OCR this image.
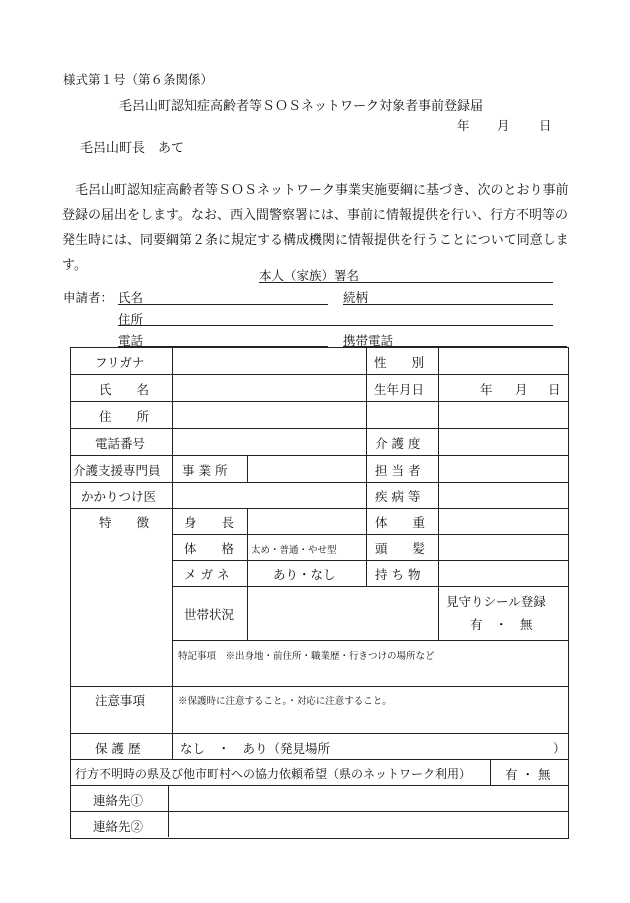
様式第１号（第６条関係）
毛呂山町認知症高齢者等ＳＯＳネットワーク対象者事前登録届
年 月 日
毛呂山町長　あて
毛呂山町認知症高齢者等ＳＯＳネットワーク事業実施要綱に基づき、次のとおり事前登録の届出をします。なお、西入間警察署には、事前に情報提供を行い、行方不明等の発生時には、同要綱第２条に規定する構成機関に情報提供を行うことについて同意します。
本人（家族）署名
申請者： 氏名	続柄
住所
電話	携帯電話
フリガナ	性　　別
氏　　名	生年月日	年 月 日
住　　所
電話番号	介 護 度
介護支援専門員 事 業 所	担 当 者
かかりつけ医	疾 病 等
特　　徴	身　　長	体　　重
体　　格 太め・普通・やせ型	頭　　髪
メ ガ ネ	あり・なし	持 ち 物
世帯状況
見守りシール登録
有　・　無
特記事項　※出身地・前住所・職業歴・行きつけの場所など
注意事項	※保護時に注意すること。・対応に注意すること。
保 護 歴	なし　・　あり（発見場所	）
行方不明時の県及び他市町村への協力依頼希望（県のネットワーク利用）	有 ・ 無
連絡先①
連絡先②
